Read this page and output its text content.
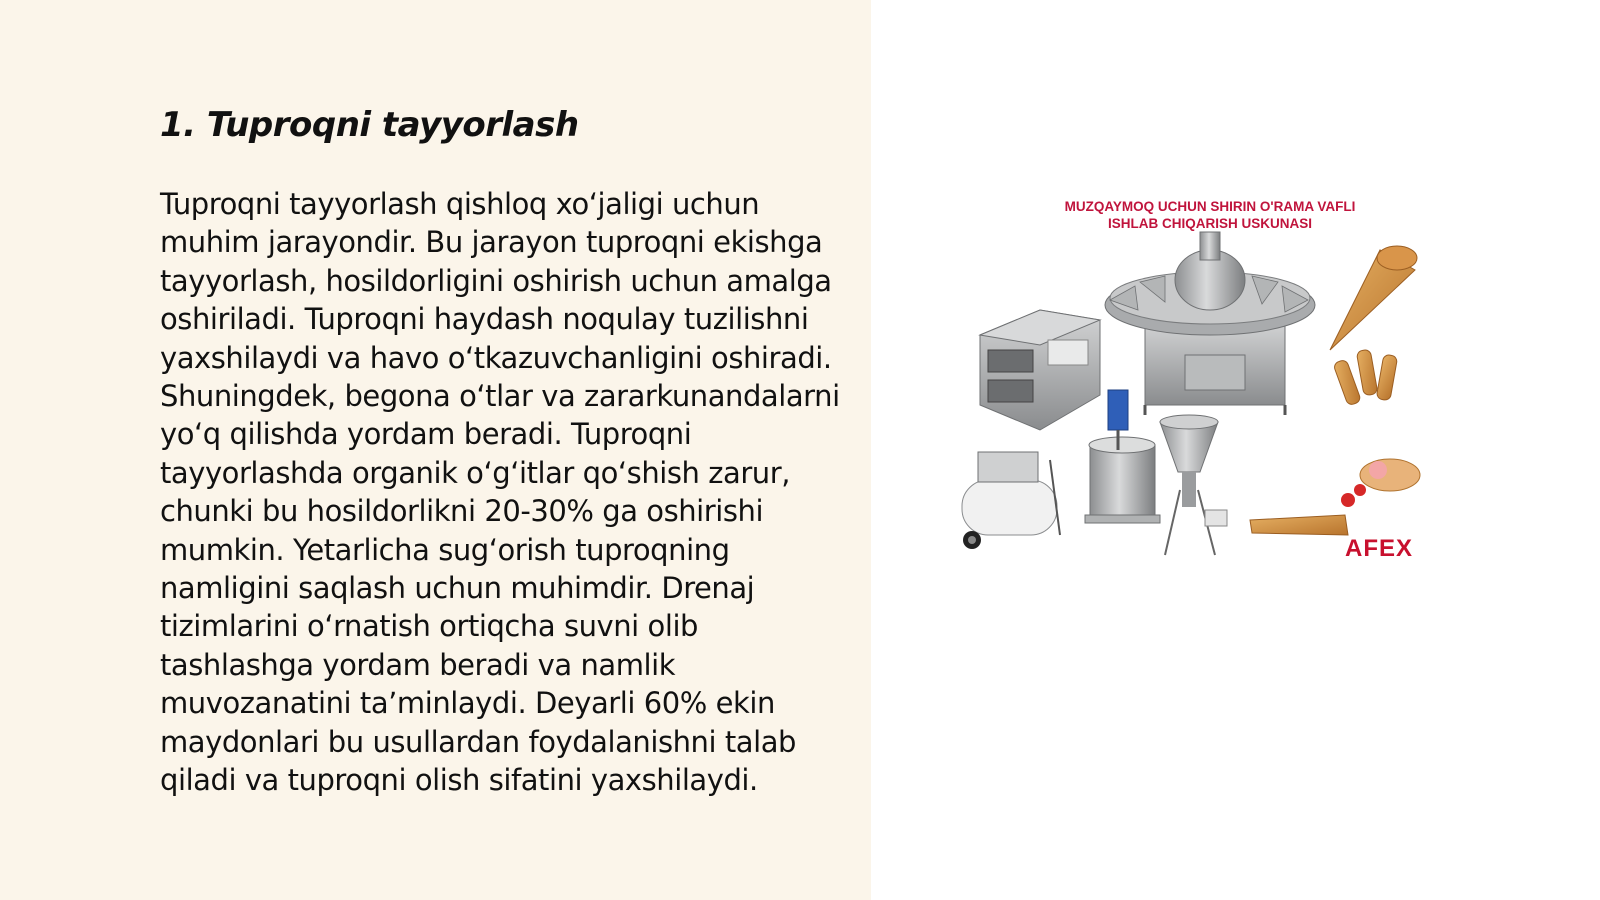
1. Tuproqni tayyorlash

Tuproqni tayyorlash qishloq xo‘jaligi uchun muhim jarayondir. Bu jarayon tuproqni ekishga tayyorlash, hosildorligini oshirish uchun amalga oshiriladi. Tuproqni haydash noqulay tuzilishni yaxshilaydi va havo o‘tkazuvchanligini oshiradi. Shuningdek, begona o‘tlar va zararkunandalarni yo‘q qilishda yordam beradi. Tuproqni tayyorlashda organik o‘g‘itlar qo‘shish zarur, chunki bu hosildorlikni 20-30% ga oshirishi mumkin. Yetarlicha sug‘orish tuproqning namligini saqlash uchun muhimdir. Drenaj tizimlarini o‘rnatish ortiqcha suvni olib tashlashga yordam beradi va namlik muvozanatini ta’minlaydi. Deyarli 60% ekin maydonlari bu usullardan foydalanishni talab qiladi va tuproqni olish sifatini yaxshilaydi.

MUZQAYMOQ UCHUN SHIRIN O'RAMA VAFLI
ISHLAB CHIQARISH USKUNASI
AFEX
